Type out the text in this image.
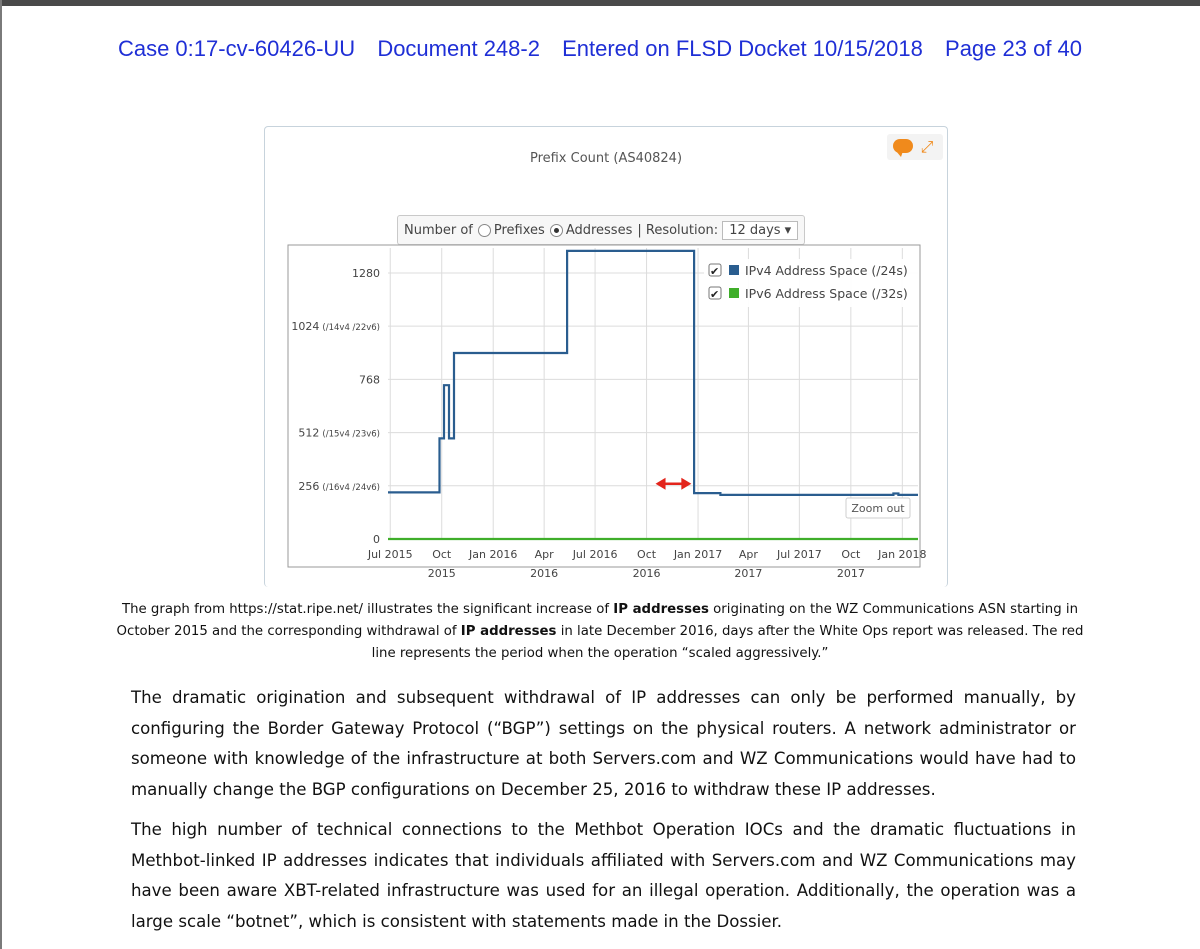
Case 0:17-cv-60426-UU Document 248-2 Entered on FLSD Docket 10/15/2018 Page 23 of 40
Prefix Count (AS40824)
⤢
Number of Prefixes Addresses | Resolution: 12 days ▾
0
256 (/16v4 /24v6)
512 (/15v4 /23v6)
768
1024 (/14v4 /22v6)
1280
Jul 2015 Oct
2015
Jan 2016 Apr
2016
Jul 2016 Oct
2016
Jan 2017 Apr
2017
Jul 2017 Oct
2017
Jan 2018
✔ IPv4 Address Space (/24s)
✔ IPv6 Address Space (/32s)
Zoom out
The graph from https://stat.ripe.net/ illustrates the significant increase of IP addresses originating on the WZ Communications ASN starting in October 2015 and the corresponding withdrawal of IP addresses in late December 2016, days after the White Ops report was released. The red line represents the period when the operation “scaled aggressively.”

The dramatic origination and subsequent withdrawal of IP addresses can only be performed manually, by configuring the Border Gateway Protocol (“BGP”) settings on the physical routers. A network administrator or someone with knowledge of the infrastructure at both Servers.com and WZ Communications would have had to manually change the BGP configurations on December 25, 2016 to withdraw these IP addresses.

The high number of technical connections to the Methbot Operation IOCs and the dramatic fluctuations in Methbot-linked IP addresses indicates that individuals affiliated with Servers.com and WZ Communications may have been aware XBT-related infrastructure was used for an illegal operation. Additionally, the operation was a large scale “botnet”, which is consistent with statements made in the Dossier.
